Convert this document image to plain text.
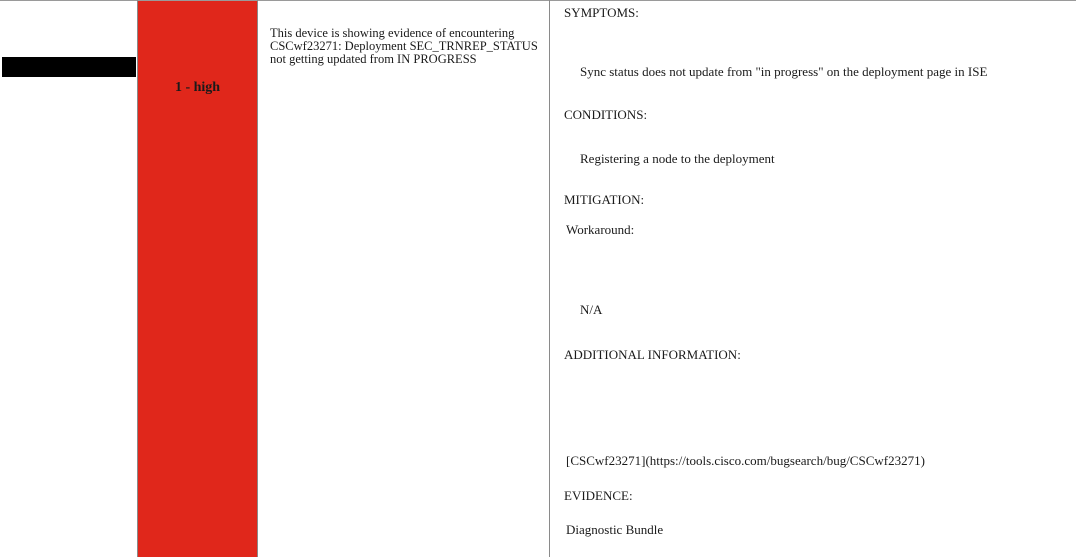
1 - high
This device is showing evidence of encountering CSCwf23271: Deployment SEC_TRNREP_STATUS not getting updated from IN PROGRESS
SYMPTOMS:
Sync status does not update from "in progress" on the deployment page in ISE
CONDITIONS:
Registering a node to the deployment
MITIGATION:
Workaround:
N/A
ADDITIONAL INFORMATION:
[CSCwf23271](https://tools.cisco.com/bugsearch/bug/CSCwf23271)
EVIDENCE:
Diagnostic Bundle
